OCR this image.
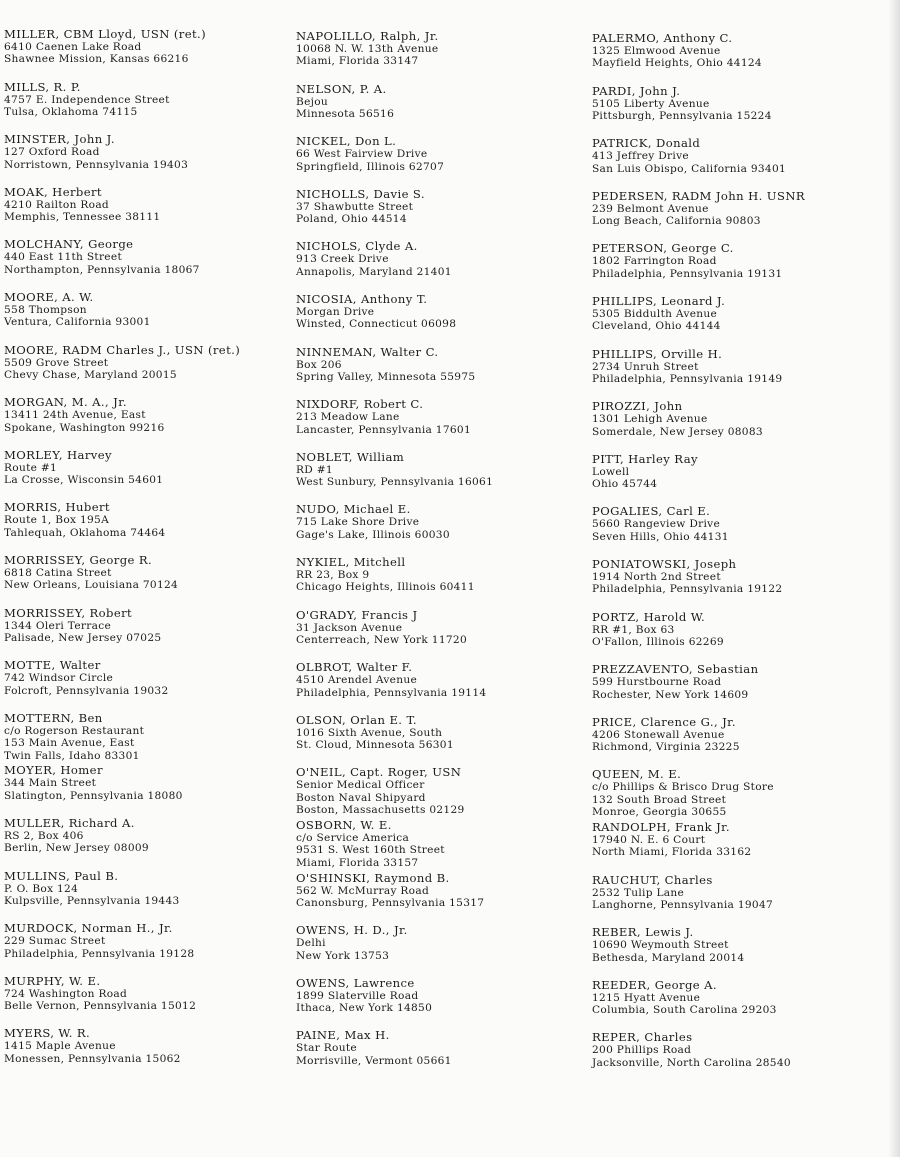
MILLER, CBM Lloyd, USN (ret.)
6410 Caenen Lake Road
Shawnee Mission, Kansas 66216
MILLS, R. P.
4757 E. Independence Street
Tulsa, Oklahoma 74115
MINSTER, John J.
127 Oxford Road
Norristown, Pennsylvania 19403
MOAK, Herbert
4210 Railton Road
Memphis, Tennessee 38111
MOLCHANY, George
440 East 11th Street
Northampton, Pennsylvania 18067
MOORE, A. W.
558 Thompson
Ventura, California 93001
MOORE, RADM Charles J., USN (ret.)
5509 Grove Street
Chevy Chase, Maryland 20015
MORGAN, M. A., Jr.
13411 24th Avenue, East
Spokane, Washington 99216
MORLEY, Harvey
Route #1
La Crosse, Wisconsin 54601
MORRIS, Hubert
Route 1, Box 195A
Tahlequah, Oklahoma 74464
MORRISSEY, George R.
6818 Catina Street
New Orleans, Louisiana 70124
MORRISSEY, Robert
1344 Oleri Terrace
Palisade, New Jersey 07025
MOTTE, Walter
742 Windsor Circle
Folcroft, Pennsylvania 19032
MOTTERN, Ben
c/o Rogerson Restaurant
153 Main Avenue, East
Twin Falls, Idaho 83301
MOYER, Homer
344 Main Street
Slatington, Pennsylvania 18080
MULLER, Richard A.
RS 2, Box 406
Berlin, New Jersey 08009
MULLINS, Paul B.
P. O. Box 124
Kulpsville, Pennsylvania 19443
MURDOCK, Norman H., Jr.
229 Sumac Street
Philadelphia, Pennsylvania 19128
MURPHY, W. E.
724 Washington Road
Belle Vernon, Pennsylvania 15012
MYERS, W. R.
1415 Maple Avenue
Monessen, Pennsylvania 15062
NAPOLILLO, Ralph, Jr.
10068 N. W. 13th Avenue
Miami, Florida 33147
NELSON, P. A.
Bejou
Minnesota 56516
NICKEL, Don L.
66 West Fairview Drive
Springfield, Illinois 62707
NICHOLLS, Davie S.
37 Shawbutte Street
Poland, Ohio 44514
NICHOLS, Clyde A.
913 Creek Drive
Annapolis, Maryland 21401
NICOSIA, Anthony T.
Morgan Drive
Winsted, Connecticut 06098
NINNEMAN, Walter C.
Box 206
Spring Valley, Minnesota 55975
NIXDORF, Robert C.
213 Meadow Lane
Lancaster, Pennsylvania 17601
NOBLET, William
RD #1
West Sunbury, Pennsylvania 16061
NUDO, Michael E.
715 Lake Shore Drive
Gage's Lake, Illinois 60030
NYKIEL, Mitchell
RR 23, Box 9
Chicago Heights, Illinois 60411
O'GRADY, Francis J
31 Jackson Avenue
Centerreach, New York 11720
OLBROT, Walter F.
4510 Arendel Avenue
Philadelphia, Pennsylvania 19114
OLSON, Orlan E. T.
1016 Sixth Avenue, South
St. Cloud, Minnesota 56301
O'NEIL, Capt. Roger, USN
Senior Medical Officer
Boston Naval Shipyard
Boston, Massachusetts 02129
OSBORN, W. E.
c/o Service America
9531 S. West 160th Street
Miami, Florida 33157
O'SHINSKI, Raymond B.
562 W. McMurray Road
Canonsburg, Pennsylvania 15317
OWENS, H. D., Jr.
Delhi
New York 13753
OWENS, Lawrence
1899 Slaterville Road
Ithaca, New York 14850
PAINE, Max H.
Star Route
Morrisville, Vermont 05661
PALERMO, Anthony C.
1325 Elmwood Avenue
Mayfield Heights, Ohio 44124
PARDI, John J.
5105 Liberty Avenue
Pittsburgh, Pennsylvania 15224
PATRICK, Donald
413 Jeffrey Drive
San Luis Obispo, California 93401
PEDERSEN, RADM John H. USNR
239 Belmont Avenue
Long Beach, California 90803
PETERSON, George C.
1802 Farrington Road
Philadelphia, Pennsylvania 19131
PHILLIPS, Leonard J.
5305 Biddulth Avenue
Cleveland, Ohio 44144
PHILLIPS, Orville H.
2734 Unruh Street
Philadelphia, Pennsylvania 19149
PIROZZI, John
1301 Lehigh Avenue
Somerdale, New Jersey 08083
PITT, Harley Ray
Lowell
Ohio 45744
POGALIES, Carl E.
5660 Rangeview Drive
Seven Hills, Ohio 44131
PONIATOWSKI, Joseph
1914 North 2nd Street
Philadelphia, Pennsylvania 19122
PORTZ, Harold W.
RR #1, Box 63
O'Fallon, Illinois 62269
PREZZAVENTO, Sebastian
599 Hurstbourne Road
Rochester, New York 14609
PRICE, Clarence G., Jr.
4206 Stonewall Avenue
Richmond, Virginia 23225
QUEEN, M. E.
c/o Phillips & Brisco Drug Store
132 South Broad Street
Monroe, Georgia 30655
RANDOLPH, Frank Jr.
17940 N. E. 6 Court
North Miami, Florida 33162
RAUCHUT, Charles
2532 Tulip Lane
Langhorne, Pennsylvania 19047
REBER, Lewis J.
10690 Weymouth Street
Bethesda, Maryland 20014
REEDER, George A.
1215 Hyatt Avenue
Columbia, South Carolina 29203
REPER, Charles
200 Phillips Road
Jacksonville, North Carolina 28540
